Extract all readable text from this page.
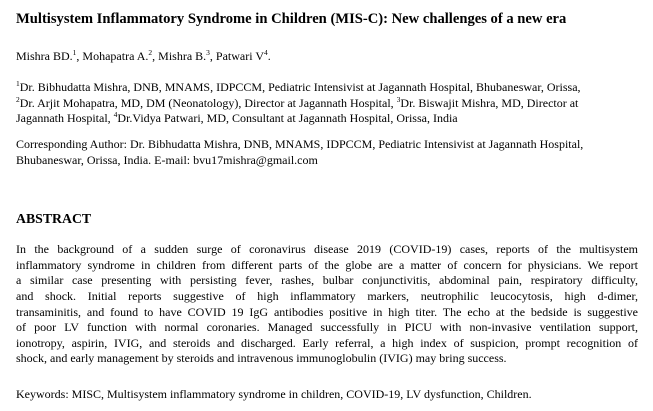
Multisystem Inflammatory Syndrome in Children (MIS-C): New challenges of a new era
Mishra BD.$^1$, Mohapatra A.$^2$, Mishra B.$^3$, Patwari $V^4$.
$^1$Dr. Bibhudatta Mishra, DNB, MNAMS, IDPCCM, Pediatric Intensivist at Jagannath Hospital, Bhubaneswar, Orissa,
$^2$Dr. Arjit Mohapatra, MD, DM (Neonatology), Director at Jagannath Hospital, $^3$Dr. Biswajit Mishra, MD, Director at
Jagannath Hospital, $^4$Dr.Vidya Patwari, MD, Consultant at Jagannath Hospital, Orissa, India
Corresponding Author: Dr. Bibhudatta Mishra, DNB, MNAMS, IDPCCM, Pediatric Intensivist at Jagannath Hospital,
Bhubaneswar, Orissa, India. E-mail: bvu17mishra@gmail.com
ABSTRACT
In the background of a sudden surge of coronavirus disease 2019 (COVID-19) cases, reports of the multisystem
inflammatory syndrome in children from different parts of the globe are a matter of concern for physicians. We report
a similar case presenting with persisting fever, rashes, bulbar conjunctivitis, abdominal pain, respiratory difficulty,
and shock. Initial reports suggestive of high inflammatory markers, neutrophilic leucocytosis, high d-dimer,
transaminitis, and found to have COVID 19 IgG antibodies positive in high titer. The echo at the bedside is suggestive
of poor LV function with normal coronaries. Managed successfully in PICU with non-invasive ventilation support,
ionotropy, aspirin, IVIG, and steroids and discharged. Early referral, a high index of suspicion, prompt recognition of
shock, and early management by steroids and intravenous immunoglobulin (IVIG) may bring success.
Keywords: MISC, Multisystem inflammatory syndrome in children, COVID-19, LV dysfunction, Children.
